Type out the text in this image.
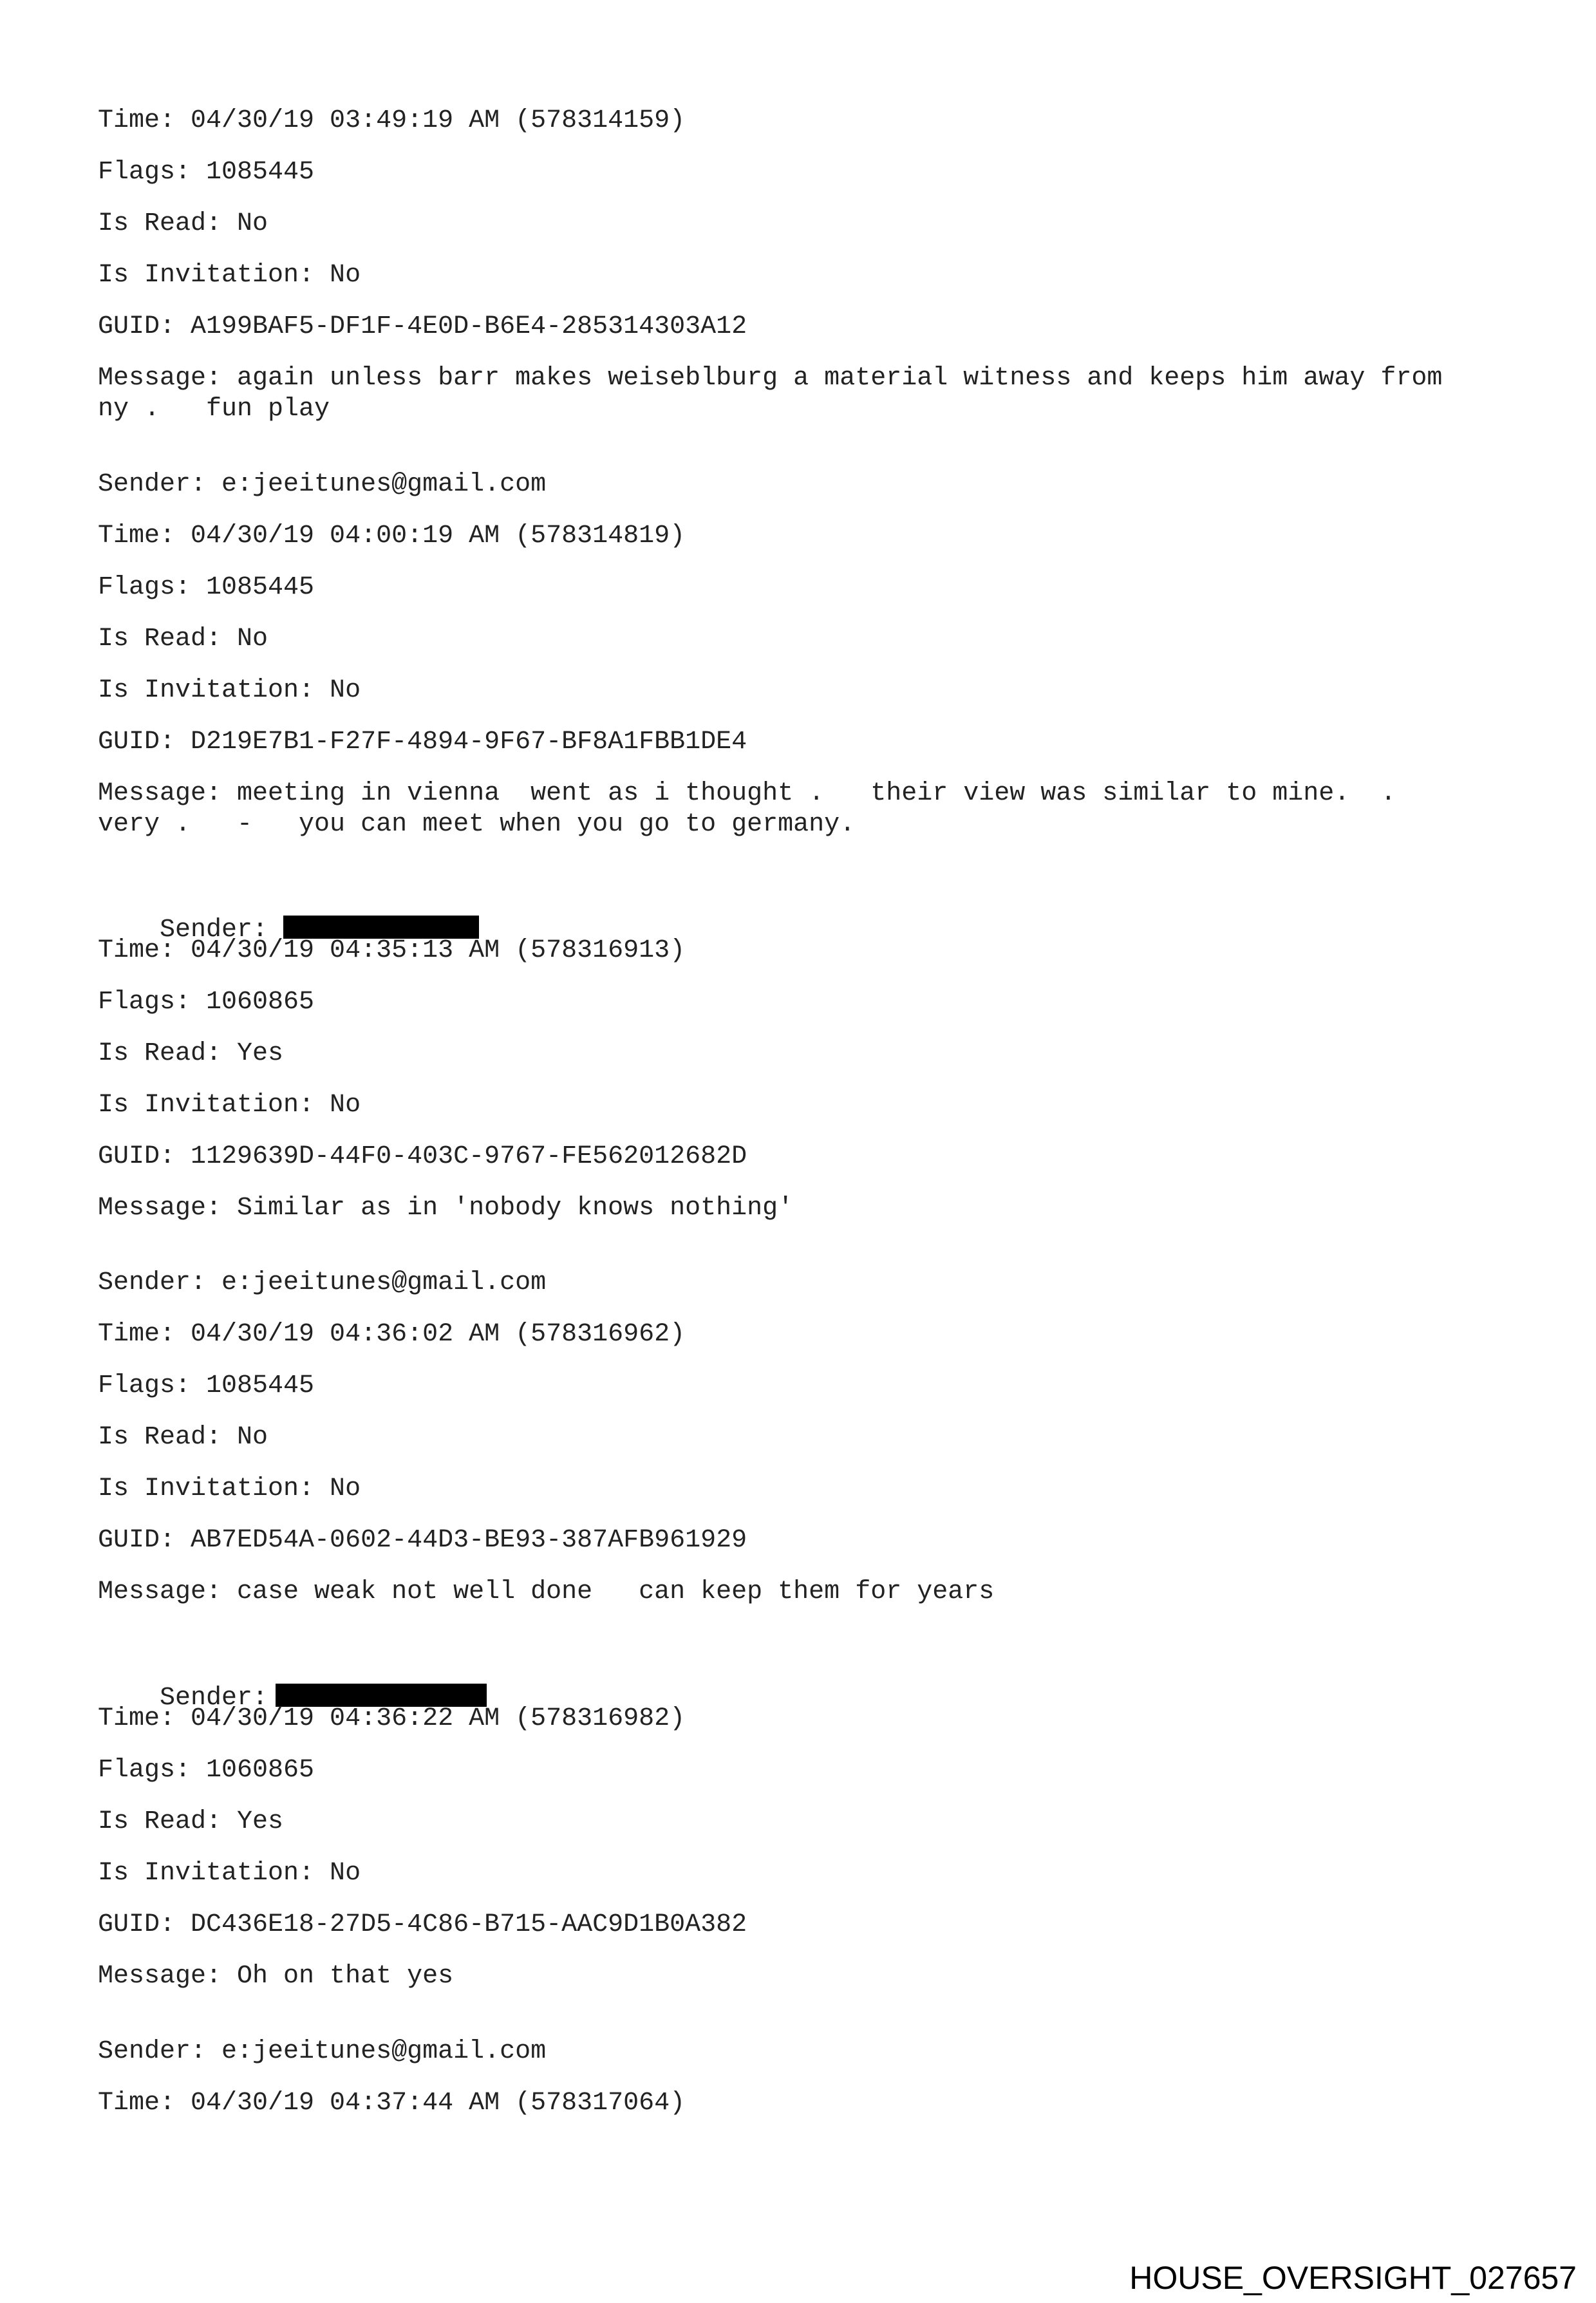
Time: 04/30/19 03:49:19 AM (578314159)
Flags: 1085445
Is Read: No
Is Invitation: No
GUID: A199BAF5-DF1F-4E0D-B6E4-285314303A12
Message: again unless barr makes weiseblburg a material witness and keeps him away from
ny .   fun play
Sender: e:jeeitunes@gmail.com
Time: 04/30/19 04:00:19 AM (578314819)
Flags: 1085445
Is Read: No
Is Invitation: No
GUID: D219E7B1-F27F-4894-9F67-BF8A1FBB1DE4
Message: meeting in vienna  went as i thought .   their view was similar to mine.  .
very .   -   you can meet when you go to germany.

Sender:

Time: 04/30/19 04:35:13 AM (578316913)
Flags: 1060865
Is Read: Yes
Is Invitation: No
GUID: 1129639D-44F0-403C-9767-FE562012682D
Message: Similar as in 'nobody knows nothing'
Sender: e:jeeitunes@gmail.com
Time: 04/30/19 04:36:02 AM (578316962)
Flags: 1085445
Is Read: No
Is Invitation: No
GUID: AB7ED54A-0602-44D3-BE93-387AFB961929
Message: case weak not well done   can keep them for years

Sender:

Time: 04/30/19 04:36:22 AM (578316982)
Flags: 1060865
Is Read: Yes
Is Invitation: No
GUID: DC436E18-27D5-4C86-B715-AAC9D1B0A382
Message: Oh on that yes
Sender: e:jeeitunes@gmail.com
Time: 04/30/19 04:37:44 AM (578317064)
HOUSE_OVERSIGHT_027657
